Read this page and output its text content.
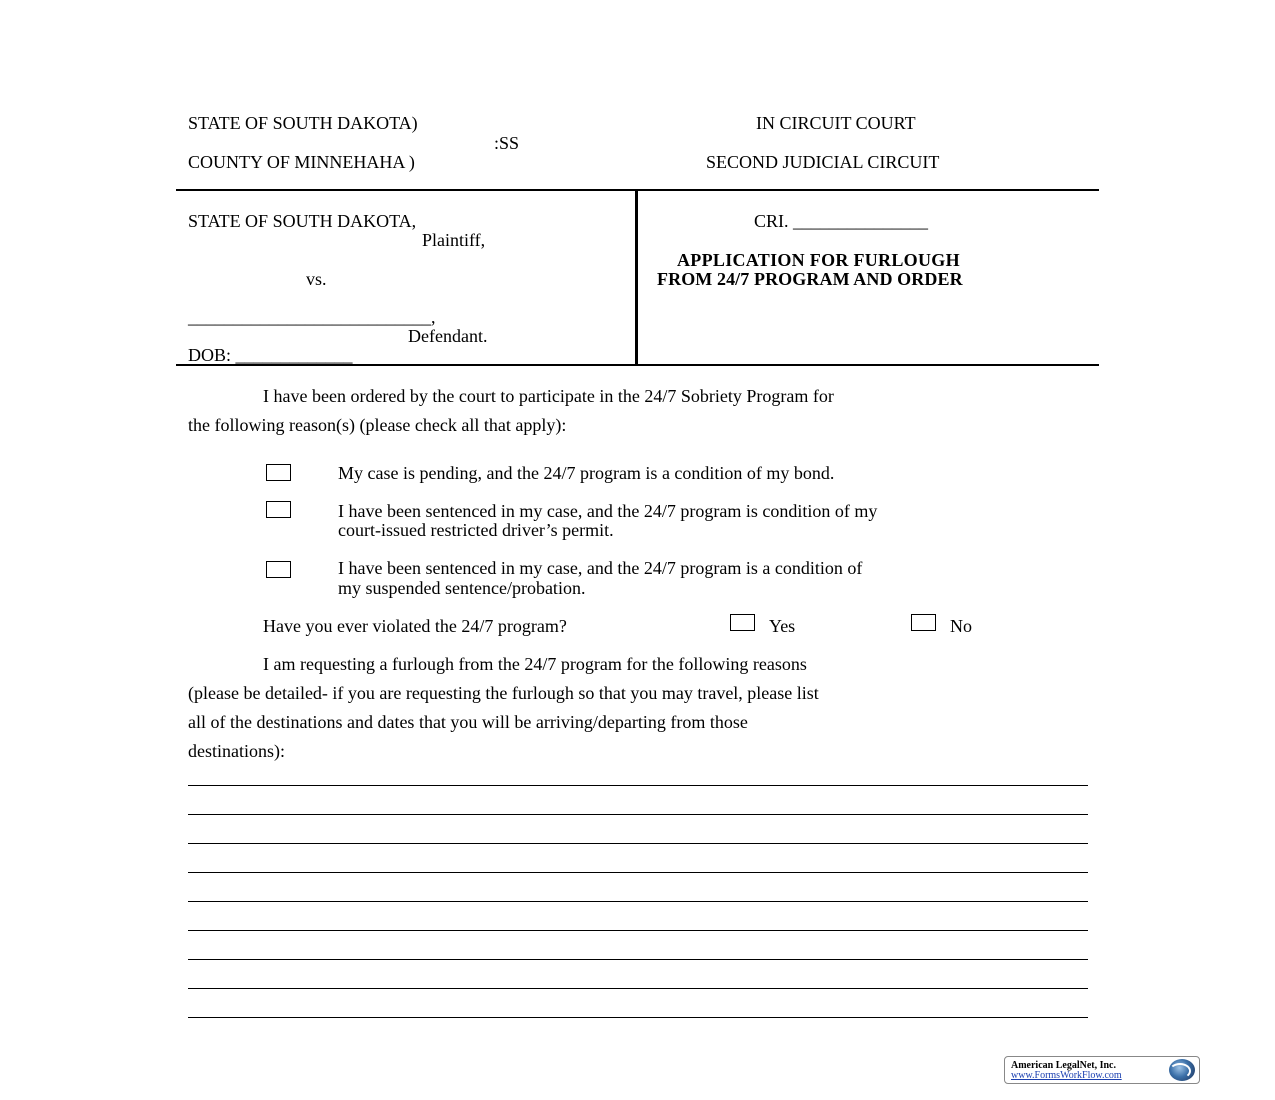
STATE OF SOUTH DAKOTA)
:SS
COUNTY OF MINNEHAHA )
IN CIRCUIT COURT
SECOND JUDICIAL CIRCUIT
STATE OF SOUTH DAKOTA,
Plaintiff,
vs.
___________________________,
Defendant.
DOB: _____________
CRI. _______________
APPLICATION FOR FURLOUGH
FROM 24/7 PROGRAM AND ORDER
I have been ordered by the court to participate in the 24/7 Sobriety Program for
the following reason(s) (please check all that apply):
My case is pending, and the 24/7 program is a condition of my bond.
I have been sentenced in my case, and the 24/7 program is condition of my
court-issued restricted driver’s permit.
I have been sentenced in my case, and the 24/7 program is a condition of
my suspended sentence/probation.
Have you ever violated the 24/7 program?	Yes	No
I am requesting a furlough from the 24/7 program for the following reasons
(please be detailed- if you are requesting the furlough so that you may travel, please list
all of the destinations and dates that you will be arriving/departing from those
destinations):
American LegalNet, Inc.
www.FormsWorkFlow.com
